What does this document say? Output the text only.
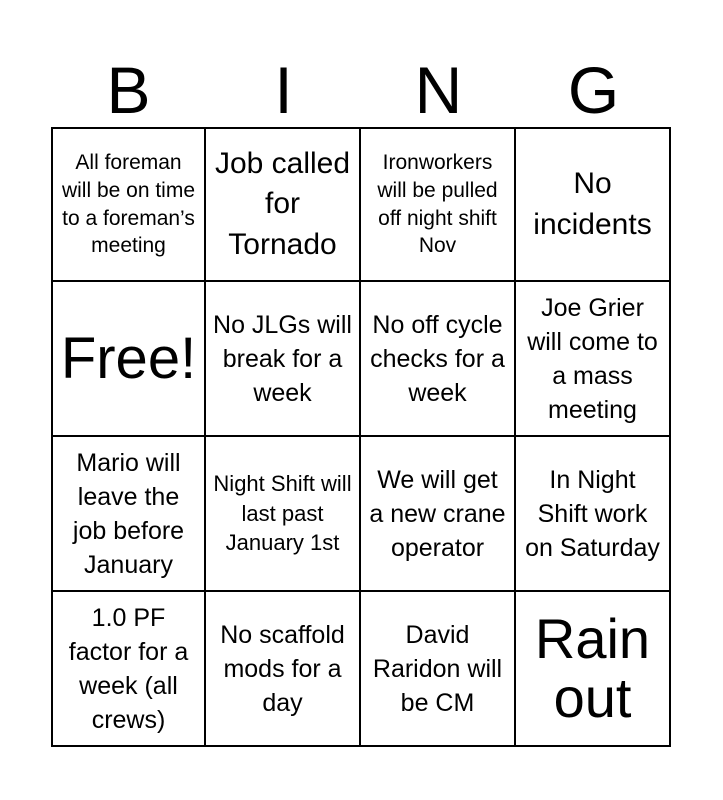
B	I	N	G
All foreman will be on time to a foreman’s meeting
Job called for Tornado
Ironworkers will be pulled off night shift Nov
No incidents
Free!
No JLGs will break for a week
No off cycle checks for a week
Joe Grier will come to a mass meeting
Mario will leave the job before January
Night Shift will last past January 1st
We will get a new crane operator
In Night Shift work on Saturday
1.0 PF factor for a week (all crews)
No scaffold mods for a day
David Raridon will be CM
Rain out
